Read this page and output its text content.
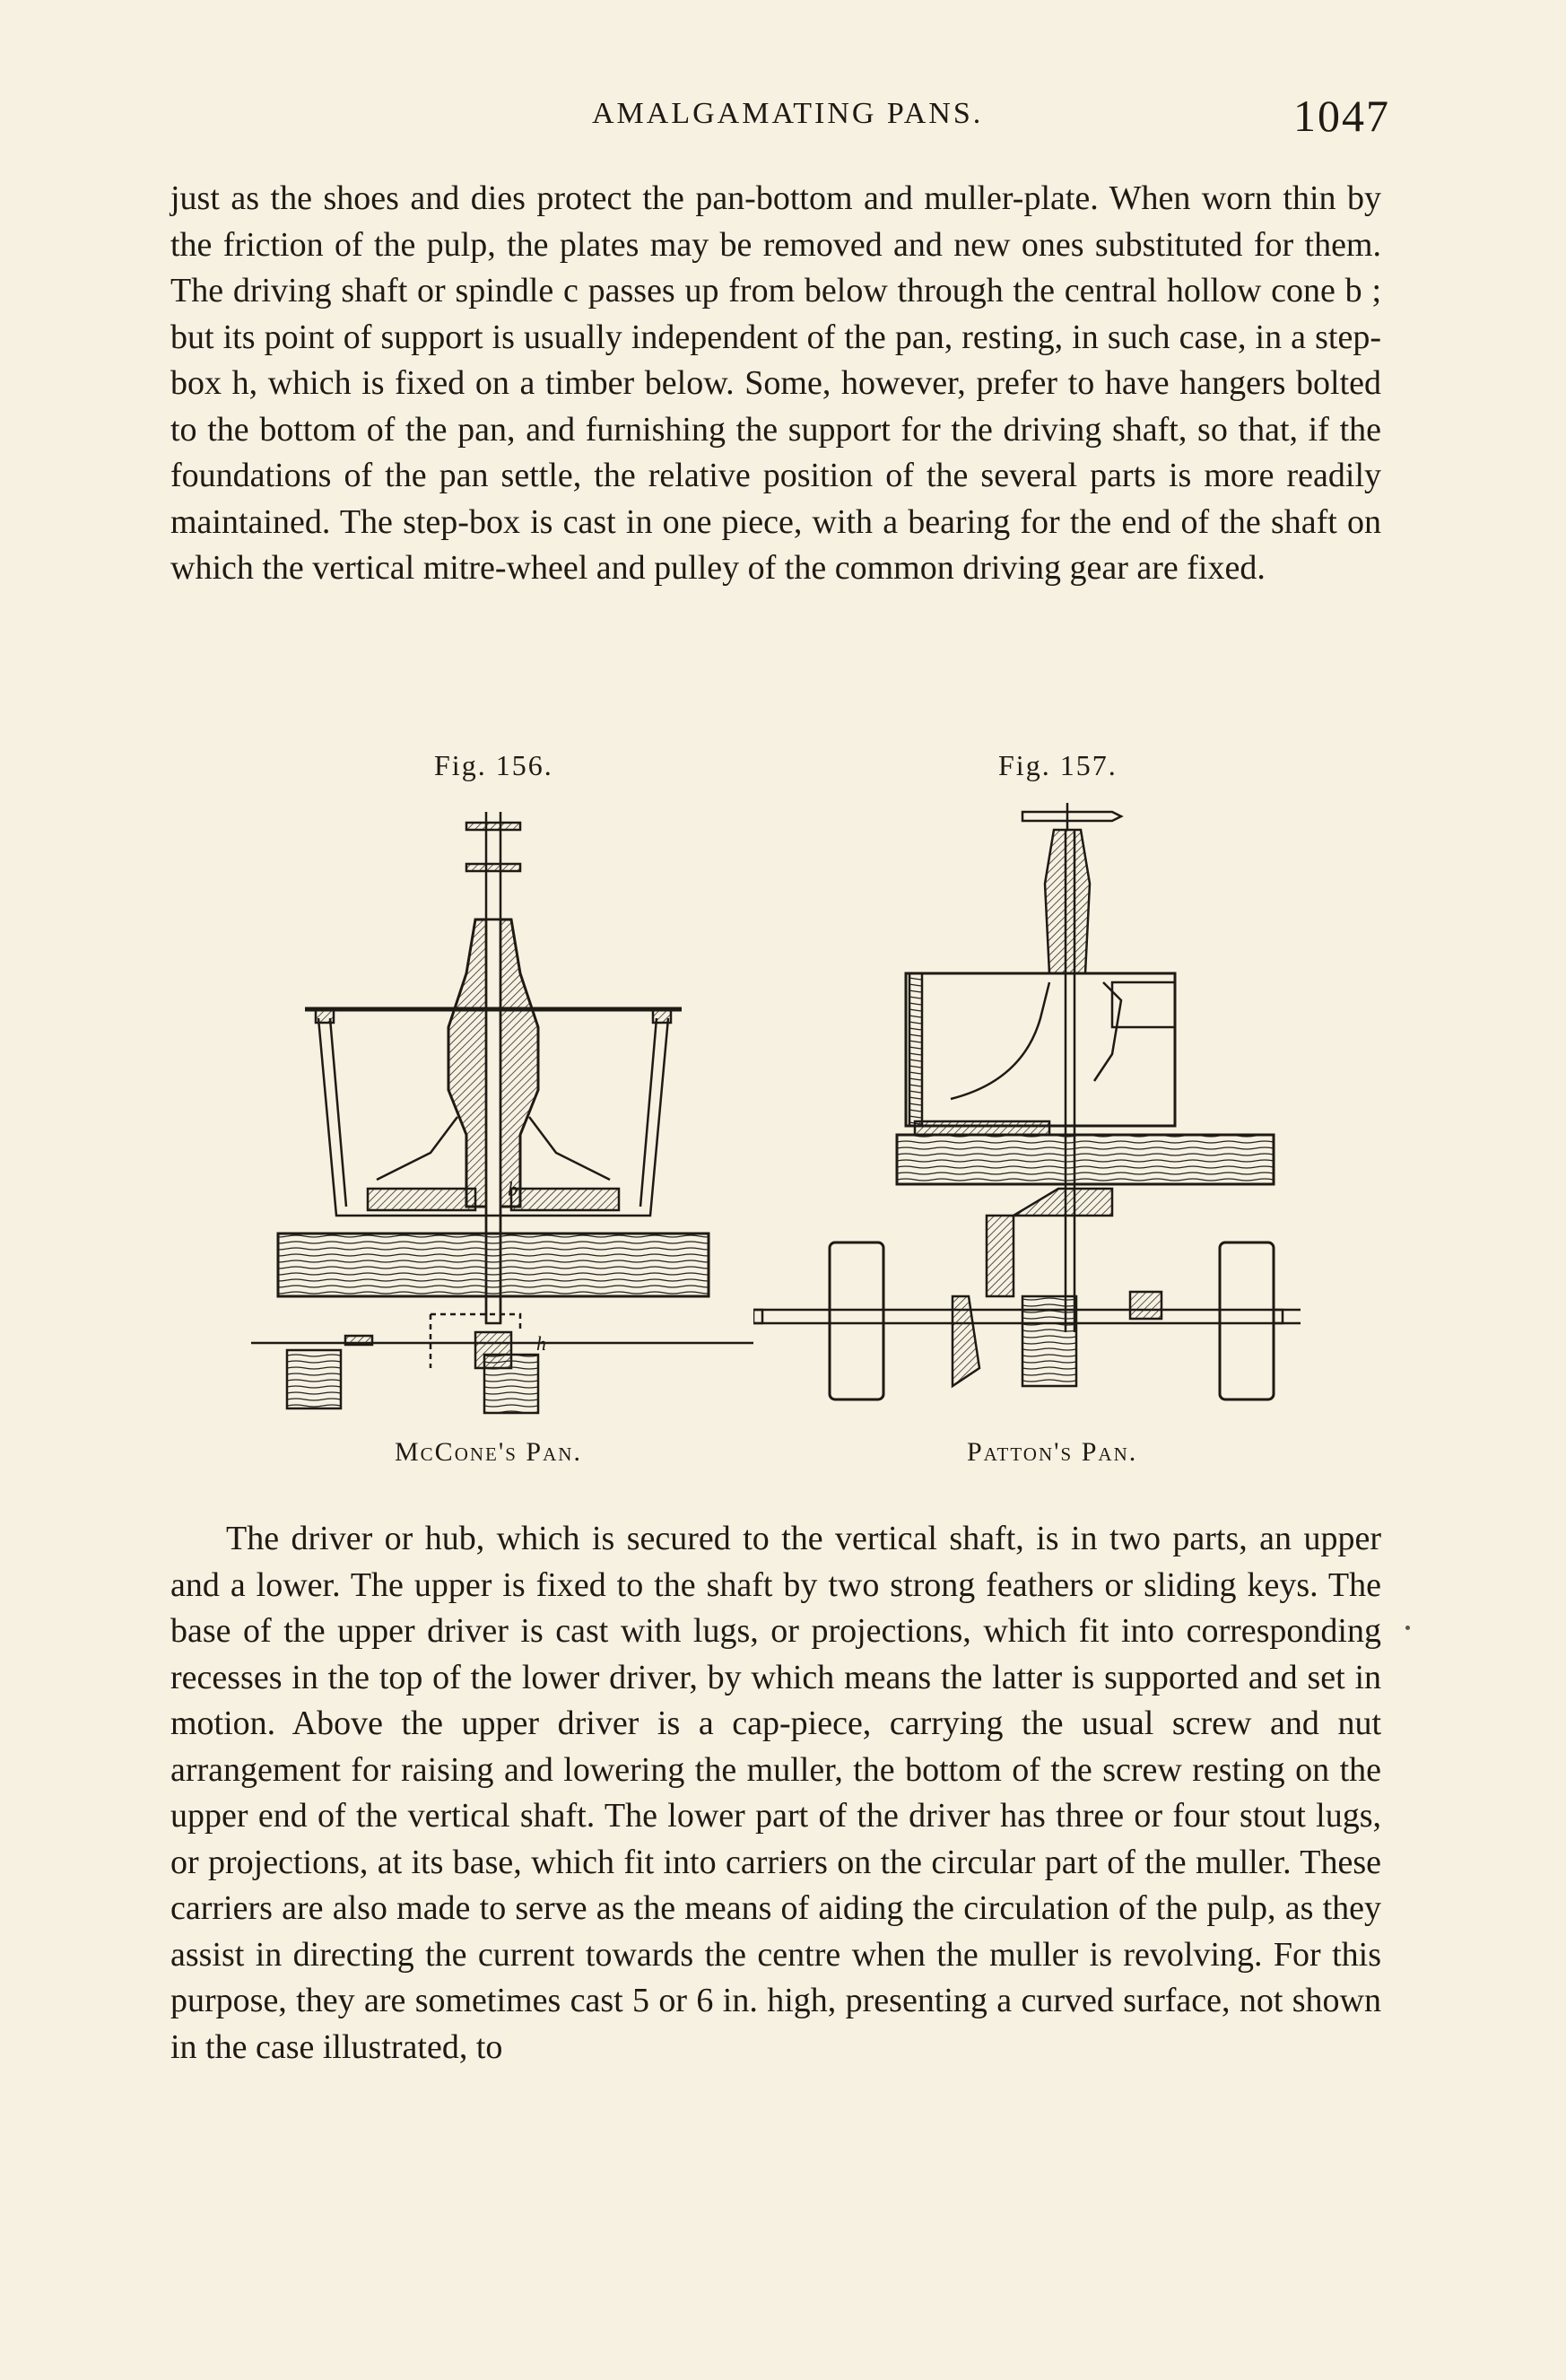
AMALGAMATING PANS.	1047

just as the shoes and dies protect the pan-bottom and muller-plate. When worn thin by the friction of the pulp, the plates may be removed and new ones substituted for them. The driving shaft or spindle c passes up from below through the central hollow cone b ; but its point of support is usually independent of the pan, resting, in such case, in a step-box h, which is fixed on a timber below. Some, however, prefer to have hangers bolted to the bottom of the pan, and furnishing the support for the driving shaft, so that, if the foundations of the pan settle, the relative position of the several parts is more readily maintained. The step-box is cast in one piece, with a bearing for the end of the shaft on which the vertical mitre-wheel and pulley of the common driving gear are fixed.

Fig. 156.	Fig. 157.
b
h
McCone's Pan.	Patton's Pan.

The driver or hub, which is secured to the vertical shaft, is in two parts, an upper and a lower. The upper is fixed to the shaft by two strong feathers or sliding keys. The base of the upper driver is cast with lugs, or projections, which fit into corresponding recesses in the top of the lower driver, by which means the latter is supported and set in motion. Above the upper driver is a cap-piece, carrying the usual screw and nut arrangement for raising and lowering the muller, the bottom of the screw resting on the upper end of the vertical shaft. The lower part of the driver has three or four stout lugs, or projections, at its base, which fit into carriers on the circular part of the muller. These carriers are also made to serve as the means of aiding the circulation of the pulp, as they assist in directing the current towards the centre when the muller is revolving. For this purpose, they are sometimes cast 5 or 6 in. high, presenting a curved surface, not shown in the case illustrated, to
